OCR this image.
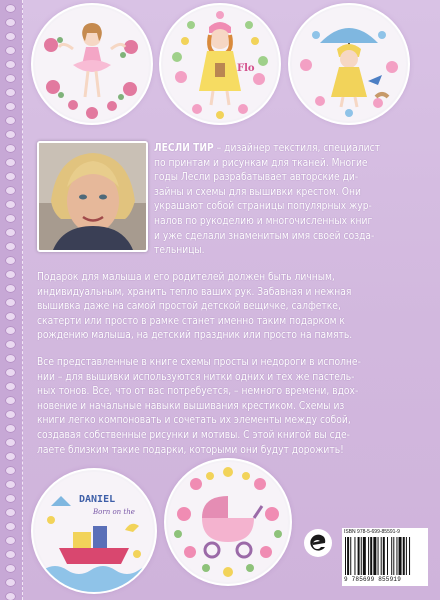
Flo
ЛЕСЛИ ТИР – дизайнер текстиля, специалист
по принтам и рисункам для тканей. Многие
годы Лесли разрабатывает авторские ди-
зайны и схемы для вышивки крестом. Они
украшают собой страницы популярных жур-
налов по рукоделию и многочисленных книг
и уже сделали знаменитым имя своей созда-
тельницы.
Подарок для малыша и его родителей должен быть личным,
индивидуальным, хранить тепло ваших рук. Забавная и нежная
вышивка даже на самой простой детской вещичке, салфетке,
скатерти или просто в рамке станет именно таким подарком к
рождению малыша, на детский праздник или просто на память.
Все представленные в книге схемы просты и недороги в исполне-
нии – для вышивки используются нитки одних и тех же пастель-
ных тонов. Все, что от вас потребуется, – немного времени, вдох-
новение и начальные навыки вышивания крестиком. Схемы из
книги легко компоновать и сочетать их элементы между собой,
создавая собственные рисунки и мотивы. С этой книгой вы сде-
лаете близким такие подарки, которыми они будут дорожить!
DANIEL
Born on the
ISBN 978-5-699-85591-9
9 785699 855919
